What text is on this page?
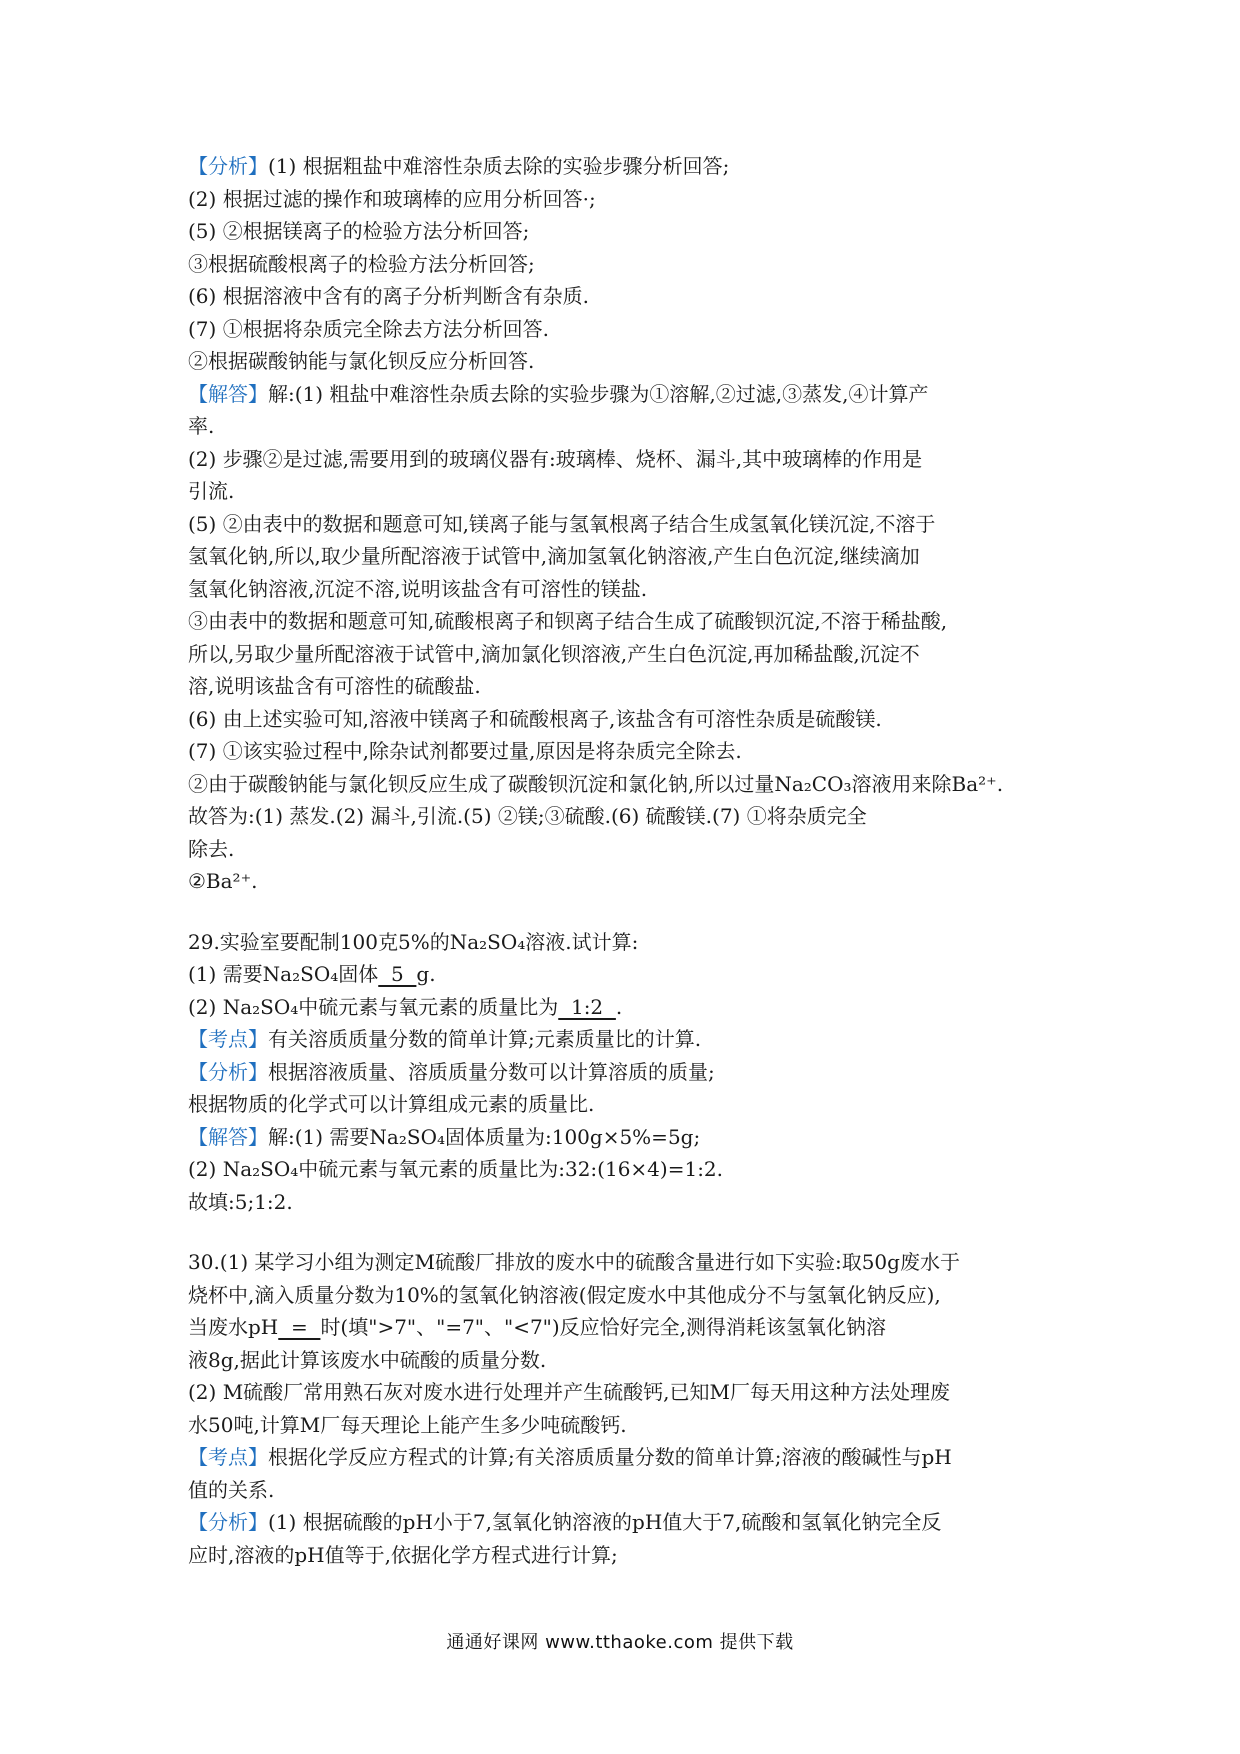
【分析】(1) 根据粗盐中难溶性杂质去除的实验步骤分析回答;
(2) 根据过滤的操作和玻璃棒的应用分析回答·;
(5) ②根据镁离子的检验方法分析回答;
③根据硫酸根离子的检验方法分析回答;
(6) 根据溶液中含有的离子分析判断含有杂质.
(7) ①根据将杂质完全除去方法分析回答.
②根据碳酸钠能与氯化钡反应分析回答.
【解答】解:(1) 粗盐中难溶性杂质去除的实验步骤为①溶解,②过滤,③蒸发,④计算产
率.
(2) 步骤②是过滤,需要用到的玻璃仪器有:玻璃棒、烧杯、漏斗,其中玻璃棒的作用是
引流.
(5) ②由表中的数据和题意可知,镁离子能与氢氧根离子结合生成氢氧化镁沉淀,不溶于
氢氧化钠,所以,取少量所配溶液于试管中,滴加氢氧化钠溶液,产生白色沉淀,继续滴加
氢氧化钠溶液,沉淀不溶,说明该盐含有可溶性的镁盐.
③由表中的数据和题意可知,硫酸根离子和钡离子结合生成了硫酸钡沉淀,不溶于稀盐酸,
所以,另取少量所配溶液于试管中,滴加氯化钡溶液,产生白色沉淀,再加稀盐酸,沉淀不
溶,说明该盐含有可溶性的硫酸盐.
(6) 由上述实验可知,溶液中镁离子和硫酸根离子,该盐含有可溶性杂质是硫酸镁.
(7) ①该实验过程中,除杂试剂都要过量,原因是将杂质完全除去.
②由于碳酸钠能与氯化钡反应生成了碳酸钡沉淀和氯化钠,所以过量Na₂CO₃溶液用来除Ba²⁺.
故答为:(1) 蒸发.(2) 漏斗,引流.(5) ②镁;③硫酸.(6) 硫酸镁.(7) ①将杂质完全
除去.
②Ba²⁺.
29.实验室要配制100克5%的Na₂SO₄溶液.试计算:
(1) 需要Na₂SO₄固体  5  g.
(2) Na₂SO₄中硫元素与氧元素的质量比为  1:2  .
【考点】有关溶质质量分数的简单计算;元素质量比的计算.
【分析】根据溶液质量、溶质质量分数可以计算溶质的质量;
根据物质的化学式可以计算组成元素的质量比.
【解答】解:(1) 需要Na₂SO₄固体质量为:100g×5%=5g;
(2) Na₂SO₄中硫元素与氧元素的质量比为:32:(16×4)=1:2.
故填:5;1:2.
30.(1) 某学习小组为测定M硫酸厂排放的废水中的硫酸含量进行如下实验:取50g废水于
烧杯中,滴入质量分数为10%的氢氧化钠溶液(假定废水中其他成分不与氢氧化钠反应),
当废水pH  =  时(填">7"、"=7"、"<7")反应恰好完全,测得消耗该氢氧化钠溶
液8g,据此计算该废水中硫酸的质量分数.
(2) M硫酸厂常用熟石灰对废水进行处理并产生硫酸钙,已知M厂每天用这种方法处理废
水50吨,计算M厂每天理论上能产生多少吨硫酸钙.
【考点】根据化学反应方程式的计算;有关溶质质量分数的简单计算;溶液的酸碱性与pH
值的关系.
【分析】(1) 根据硫酸的pH小于7,氢氧化钠溶液的pH值大于7,硫酸和氢氧化钠完全反
应时,溶液的pH值等于,依据化学方程式进行计算;
通通好课网 www.tthaoke.com 提供下载
